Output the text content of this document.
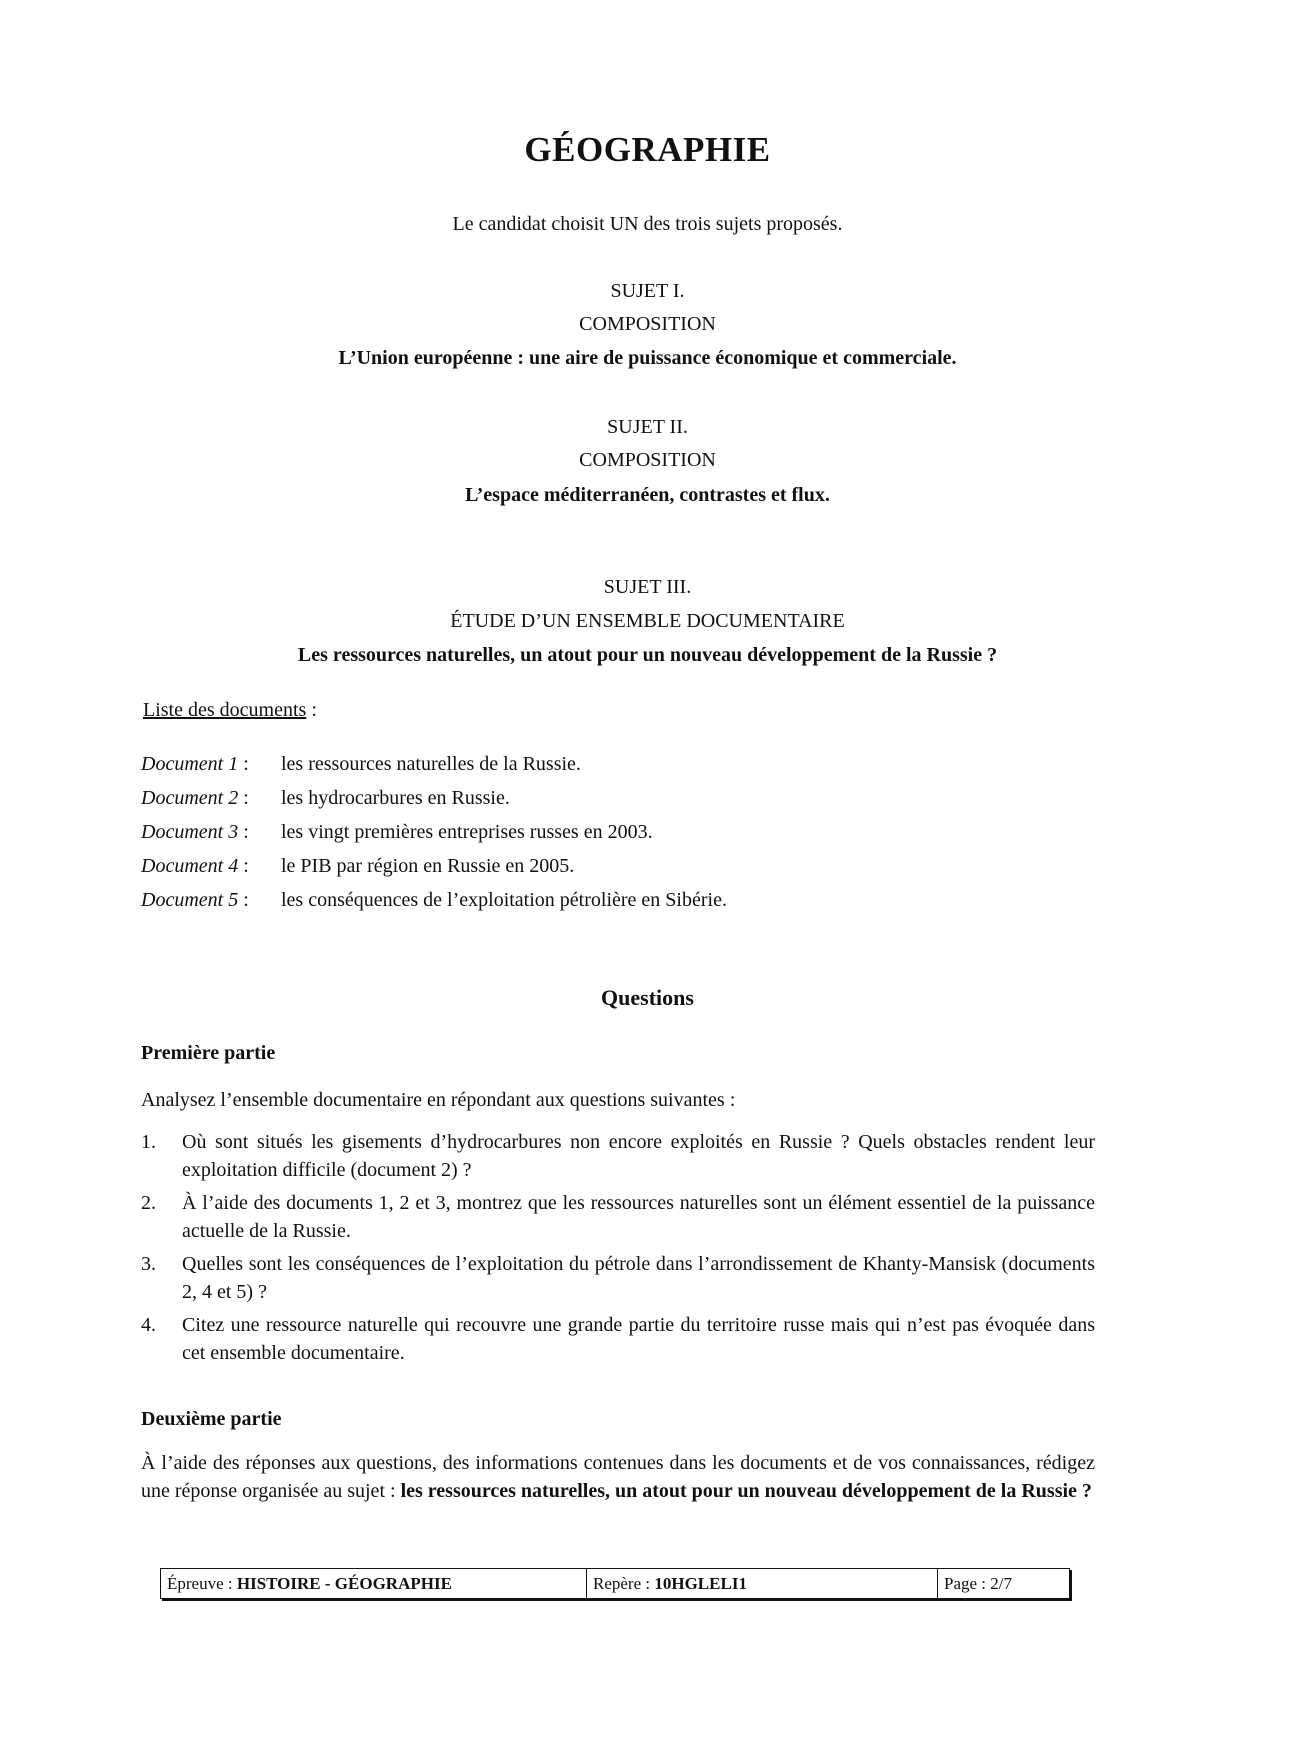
GÉOGRAPHIE
Le candidat choisit UN des trois sujets proposés.
SUJET I.
COMPOSITION
L’Union européenne : une aire de puissance économique et commerciale.
SUJET II.
COMPOSITION
L’espace méditerranéen, contrastes et flux.
SUJET III.
ÉTUDE D’UN ENSEMBLE DOCUMENTAIRE
Les ressources naturelles, un atout pour un nouveau développement de la Russie ?
Liste des documents :
Document 1 :les ressources naturelles de la Russie.
Document 2 :les hydrocarbures en Russie.
Document 3 :les vingt premières entreprises russes en 2003.
Document 4 :le PIB par région en Russie en 2005.
Document 5 :les conséquences de l’exploitation pétrolière en Sibérie.
Questions
Première partie
Analysez l’ensemble documentaire en répondant aux questions suivantes :
1. Où sont situés les gisements d’hydrocarbures non encore exploités en Russie ? Quels obstacles rendent leur exploitation difficile (document 2) ?
2. À l’aide des documents 1, 2 et 3, montrez que les ressources naturelles sont un élément essentiel de la puissance actuelle de la Russie.
3. Quelles sont les conséquences de l’exploitation du pétrole dans l’arrondissement de Khanty-Mansisk (documents 2, 4 et 5) ?
4. Citez une ressource naturelle qui recouvre une grande partie du territoire russe mais qui n’est pas évoquée dans cet ensemble documentaire.
Deuxième partie
À l’aide des réponses aux questions, des informations contenues dans les documents et de vos connaissances, rédigez une réponse organisée au sujet : les ressources naturelles, un atout pour un nouveau développement de la Russie ?
Épreuve : HISTOIRE - GÉOGRAPHIE	Repère : 10HGLELI1	Page : 2/7
